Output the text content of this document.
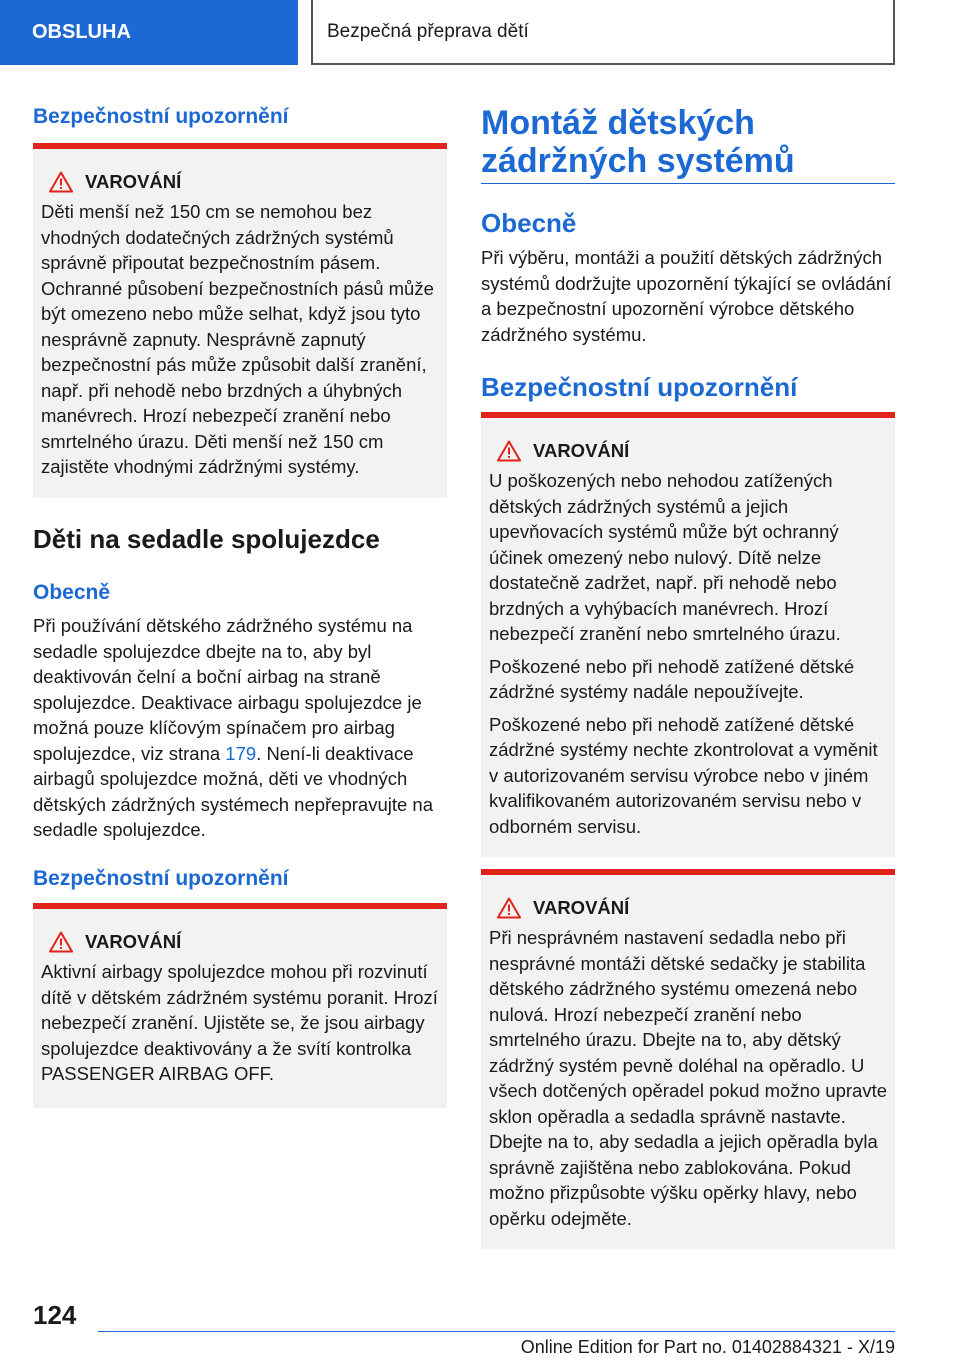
OBSLUHA	Bezpečná přeprava dětí
Bezpečnostní upozornění
VAROVÁNÍ

Děti menší než 150 cm se nemohou bez vhodných dodatečných zádržných systémů správně připoutat bezpečnostním pásem. Ochranné působení bezpečnostních pásů může být omezeno nebo může selhat, když jsou tyto nesprávně zapnuty. Nesprávně zapnutý bezpečnostní pás může způsobit další zranění, např. při nehodě nebo brzdných a úhybných manévrech. Hrozí nebezpečí zranění nebo smrtelného úrazu. Děti menší než 150 cm zajistěte vhodnými zádržnými systémy.

Děti na sedadle spolujezdce
Obecně

Při používání dětského zádržného systému na sedadle spolujezdce dbejte na to, aby byl deaktivován čelní a boční airbag na straně spolujezdce. Deaktivace airbagu spolujezdce je možná pouze klíčovým spínačem pro airbag spolujezdce, viz strana 179. Není-li deaktivace airbagů spolujezdce možná, děti ve vhodných dětských zádržných systémech nepřepravujte na sedadle spolujezdce.

Bezpečnostní upozornění
VAROVÁNÍ

Aktivní airbagy spolujezdce mohou při rozvinutí dítě v dětském zádržném systému poranit. Hrozí nebezpečí zranění. Ujistěte se, že jsou airbagy spolujezdce deaktivovány a že svítí kontrolka PASSENGER AIRBAG OFF.

Montáž dětských
zádržných systémů
Obecně

Při výběru, montáži a použití dětských zádržných systémů dodržujte upozornění týkající se ovládání a bezpečnostní upozornění výrobce dětského zádržného systému.

Bezpečnostní upozornění
VAROVÁNÍ

U poškozených nebo nehodou zatížených dětských zádržných systémů a jejich upevňovacích systémů může být ochranný účinek omezený nebo nulový. Dítě nelze dostatečně zadržet, např. při nehodě nebo brzdných a vyhýbacích manévrech. Hrozí nebezpečí zranění nebo smrtelného úrazu.

Poškozené nebo při nehodě zatížené dětské zádržné systémy nadále nepoužívejte.

Poškozené nebo při nehodě zatížené dětské zádržné systémy nechte zkontrolovat a vyměnit v autorizovaném servisu výrobce nebo v jiném kvalifikovaném autorizovaném servisu nebo v odborném servisu.

VAROVÁNÍ

Při nesprávném nastavení sedadla nebo při nesprávné montáži dětské sedačky je stabilita dětského zádržného systému omezená nebo nulová. Hrozí nebezpečí zranění nebo smrtelného úrazu. Dbejte na to, aby dětský zádržný systém pevně doléhal na opěradlo. U všech dotčených opěradel pokud možno upravte sklon opěradla a sedadla správně nastavte. Dbejte na to, aby sedadla a jejich opěradla byla správně zajištěna nebo zablokována. Pokud možno přizpůsobte výšku opěrky hlavy, nebo opěrku odejměte.

124
Online Edition for Part no. 01402884321 - X/19
